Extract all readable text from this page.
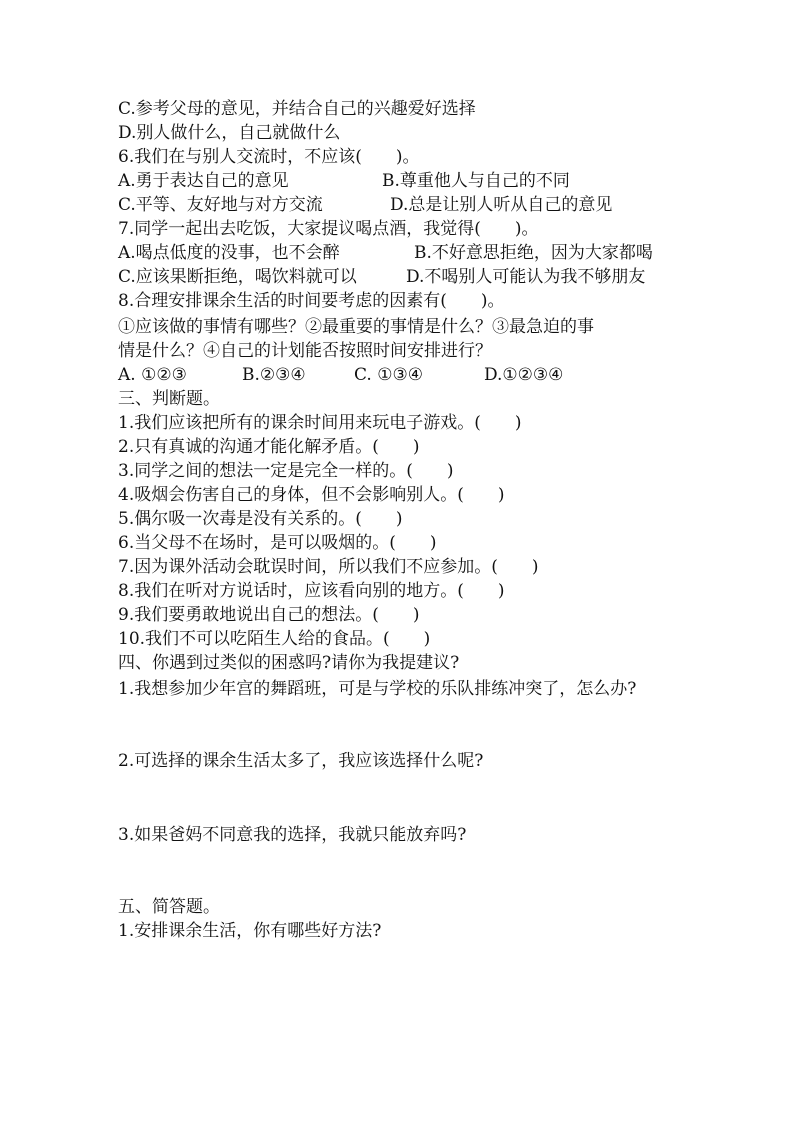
C.参考父母的意见，并结合自己的兴趣爱好选择
D.别人做什么，自己就做什么
6.我们在与别人交流时，不应该(　　)。
A.勇于表达自己的意见	B.尊重他人与自己的不同
C.平等、友好地与对方交流	D.总是让别人听从自己的意见
7.同学一起出去吃饭，大家提议喝点酒，我觉得(　　)。
A.喝点低度的没事，也不会醉	B.不好意思拒绝，因为大家都喝
C.应该果断拒绝，喝饮料就可以	D.不喝别人可能认为我不够朋友
8.合理安排课余生活的时间要考虑的因素有(　　)。
①应该做的事情有哪些？②最重要的事情是什么？③最急迫的事
情是什么？④自己的计划能否按照时间安排进行？
A. ①②③	B.②③④	C. ①③④	D.①②③④
三、判断题。
1.我们应该把所有的课余时间用来玩电子游戏。(　　)
2.只有真诚的沟通才能化解矛盾。(　　)
3.同学之间的想法一定是完全一样的。(　　)
4.吸烟会伤害自己的身体，但不会影响别人。(　　)
5.偶尔吸一次毒是没有关系的。(　　)
6.当父母不在场时，是可以吸烟的。(　　)
7.因为课外活动会耽误时间，所以我们不应参加。(　　)
8.我们在听对方说话时，应该看向别的地方。(　　)
9.我们要勇敢地说出自己的想法。(　　)
10.我们不可以吃陌生人给的食品。(　　)
四、你遇到过类似的困惑吗?请你为我提建议?
1.我想参加少年宫的舞蹈班，可是与学校的乐队排练冲突了，怎么办?
2.可选择的课余生活太多了，我应该选择什么呢?
3.如果爸妈不同意我的选择，我就只能放弃吗?
五、简答题。
1.安排课余生活，你有哪些好方法?
